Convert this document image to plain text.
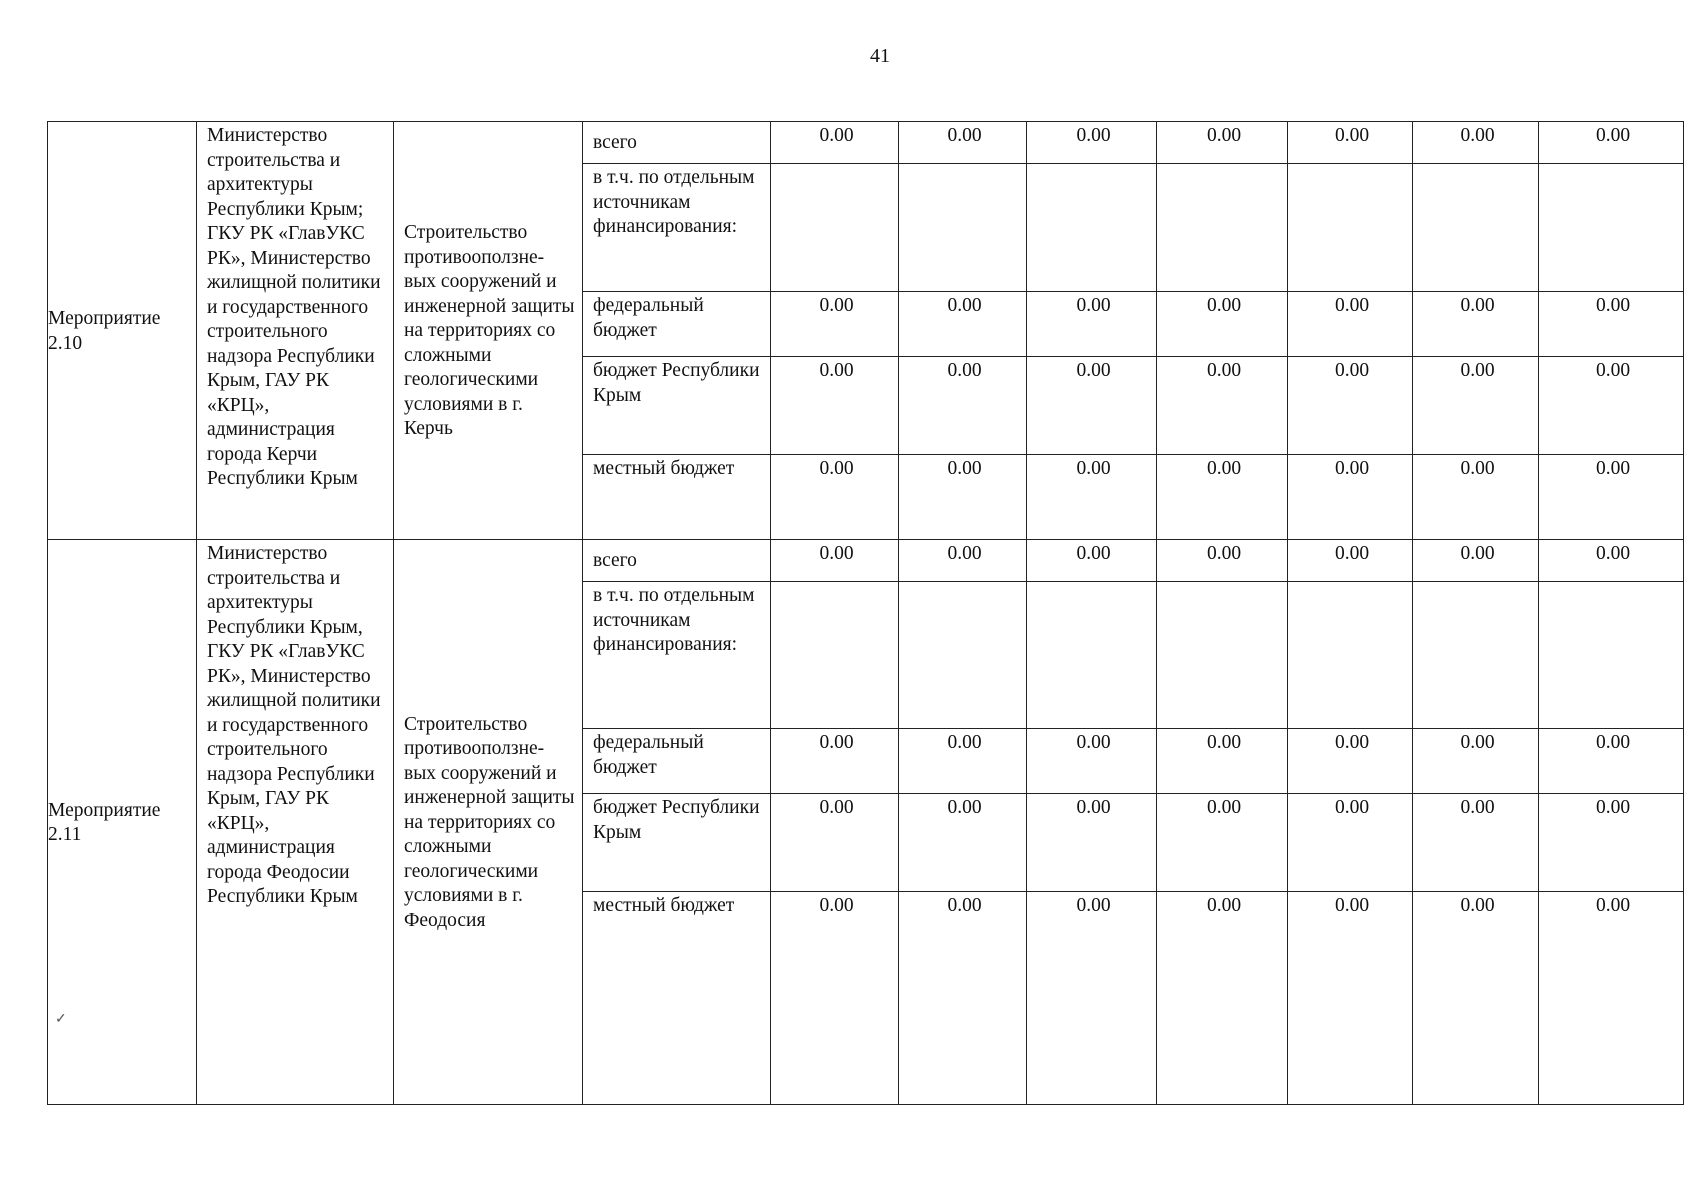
41
Мероприятие 2.10	Министерство строительства и архитектуры Республики Крым; ГКУ РК «ГлавУКС РК», Министерство жилищной политики и государственного строительного надзора Республики Крым, ГАУ РК «КРЦ», администрация города Керчи Республики Крым	Строительство противооползне-вых сооружений и инженерной защиты на территориях со сложными геологическими условиями в г. Керчь	всего	0.00	0.00	0.00	0.00	0.00	0.00	0.00
			в т.ч. по отдельным источникам финансирования:							
			федеральный бюджет	0.00	0.00	0.00	0.00	0.00	0.00	0.00
			бюджет Республики Крым	0.00	0.00	0.00	0.00	0.00	0.00	0.00
			местный бюджет	0.00	0.00	0.00	0.00	0.00	0.00	0.00
Мероприятие 2.11	Министерство строительства и архитектуры Республики Крым, ГКУ РК «ГлавУКС РК», Министерство жилищной политики и государственного строительного надзора Республики Крым, ГАУ РК «КРЦ», администрация города Феодосии Республики Крым	Строительство противооползне-вых сооружений и инженерной защиты на территориях со сложными геологическими условиями в г. Феодосия	всего	0.00	0.00	0.00	0.00	0.00	0.00	0.00
			в т.ч. по отдельным источникам финансирования:							
			федеральный бюджет	0.00	0.00	0.00	0.00	0.00	0.00	0.00
			бюджет Республики Крым	0.00	0.00	0.00	0.00	0.00	0.00	0.00
			местный бюджет	0.00	0.00	0.00	0.00	0.00	0.00	0.00
✓
